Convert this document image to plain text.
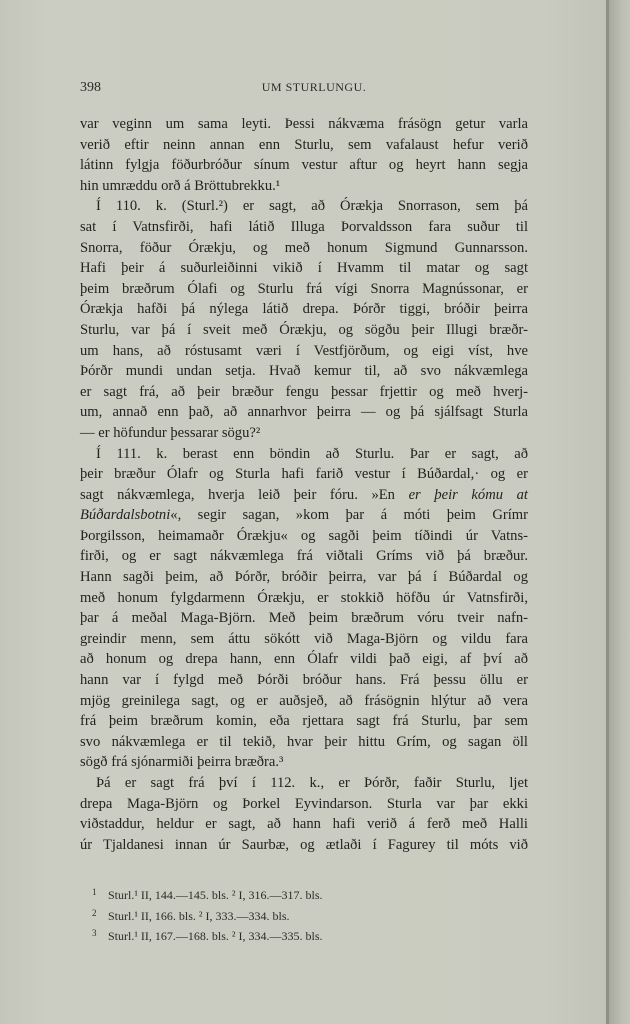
398	UM STURLUNGU.

var veginn um sama leyti. Þessi nákvæma frásögn getur varla
verið eftir neinn annan enn Sturlu, sem vafalaust hefur verið
látinn fylgja föðurbróður sínum vestur aftur og heyrt hann segja
hin umræddu orð á Bröttubrekku.¹

Í 110. k. (Sturl.²) er sagt, að Órækja Snorrason, sem þá
sat í Vatnsfirði, hafi látið Illuga Þorvaldsson fara suður til
Snorra, föður Órækju, og með honum Sigmund Gunnarsson.
Hafi þeir á suðurleiðinni vikið í Hvamm til matar og sagt
þeim bræðrum Ólafi og Sturlu frá vígi Snorra Magnússonar, er
Órækja hafði þá nýlega látið drepa. Þórðr tiggi, bróðir þeirra
Sturlu, var þá í sveit með Órækju, og sögðu þeir Illugi bræðr-
um hans, að róstusamt væri í Vestfjörðum, og eigi víst, hve
Þórðr mundi undan setja. Hvað kemur til, að svo nákvæmlega
er sagt frá, að þeir bræður fengu þessar frjettir og með hverj-
um, annað enn það, að annarhvor þeirra — og þá sjálfsagt Sturla
— er höfundur þessarar sögu?²

Í 111. k. berast enn böndin að Sturlu. Þar er sagt, að
þeir bræður Ólafr og Sturla hafi farið vestur í Búðardal,· og er
sagt nákvæmlega, hverja leið þeir fóru. »En er þeir kómu at
Búðardalsbotni«, segir sagan, »kom þar á móti þeim Grímr
Þorgilsson, heimamaðr Órækju« og sagði þeim tíðindi úr Vatns-
firði, og er sagt nákvæmlega frá viðtali Gríms við þá bræður.
Hann sagði þeim, að Þórðr, bróðir þeirra, var þá í Búðardal og
með honum fylgdarmenn Órækju, er stokkið höfðu úr Vatnsfirði,
þar á meðal Maga-Björn. Með þeim bræðrum vóru tveir nafn-
greindir menn, sem áttu sökótt við Maga-Björn og vildu fara
að honum og drepa hann, enn Ólafr vildi það eigi, af því að
hann var í fylgd með Þórði bróður hans. Frá þessu öllu er
mjög greinilega sagt, og er auðsjeð, að frásögnin hlýtur að vera
frá þeim bræðrum komin, eða rjettara sagt frá Sturlu, þar sem
svo nákvæmlega er til tekið, hvar þeir hittu Grím, og sagan öll
sögð frá sjónarmiði þeirra bræðra.³

Þá er sagt frá því í 112. k., er Þórðr, faðir Sturlu, ljet
drepa Maga-Björn og Þorkel Eyvindarson. Sturla var þar ekki
viðstaddur, heldur er sagt, að hann hafi verið á ferð með Halli
úr Tjaldanesi innan úr Saurbæ, og ætlaði í Fagurey til móts við

1 Sturl.¹ II, 144.—145. bls. ² I, 316.—317. bls.
2 Sturl.¹ II, 166. bls. ² I, 333.—334. bls.
3 Sturl.¹ II, 167.—168. bls. ² I, 334.—335. bls.
